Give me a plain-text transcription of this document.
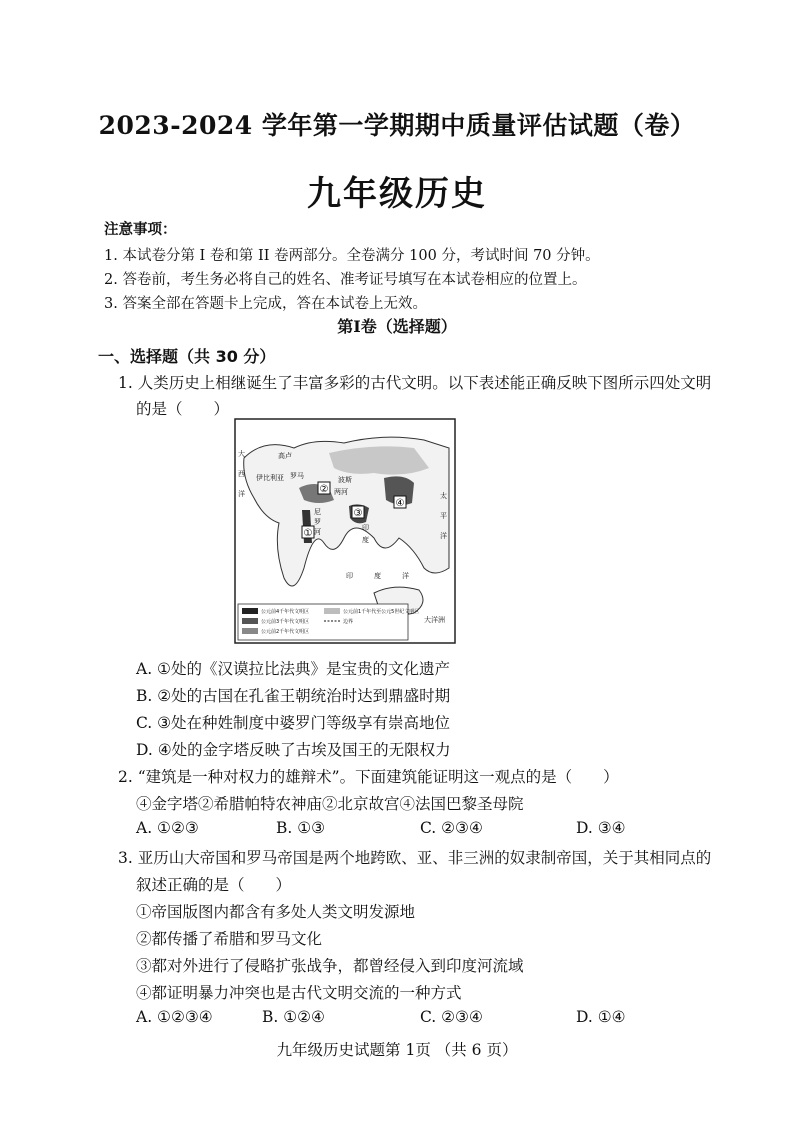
2023-2024 学年第一学期期中质量评估试题（卷）
九年级历史
注意事项：
1. 本试卷分第 I 卷和第 II 卷两部分。全卷满分 100 分，考试时间 70 分钟。
2. 答卷前，考生务必将自己的姓名、准考证号填写在本试卷相应的位置上。
3. 答案全部在答题卡上完成，答在本试卷上无效。
第Ⅰ卷（选择题）
一、选择题（共 30 分）
1. 人类历史上相继诞生了丰富多彩的古代文明。以下表述能正确反映下图所示四处文明
的是（　　）
②
①
③
④
大
西
洋
伊比利亚
高卢
罗马
尼
罗
河
两河
波斯
印
度
太
平
洋
印	度	洋
大洋洲
公元前4千年代文明区
公元前3千年代文明区
公元前2千年代文明区
公元前1千年代至公元5世纪文明区
边界
A. ①处的《汉谟拉比法典》是宝贵的文化遗产
B. ②处的古国在孔雀王朝统治时达到鼎盛时期
C. ③处在种姓制度中婆罗门等级享有崇高地位
D. ④处的金字塔反映了古埃及国王的无限权力
2. “建筑是一种对权力的雄辩术”。下面建筑能证明这一观点的是（　　）
④金字塔②希腊帕特农神庙②北京故宫④法国巴黎圣母院
A. ①②③	B. ①③	C. ②③④	D. ③④
3. 亚历山大帝国和罗马帝国是两个地跨欧、亚、非三洲的奴隶制帝国，关于其相同点的
叙述正确的是（　　）
①帝国版图内都含有多处人类文明发源地
②都传播了希腊和罗马文化
③都对外进行了侵略扩张战争，都曾经侵入到印度河流域
④都证明暴力冲突也是古代文明交流的一种方式
A. ①②③④	B. ①②④	C. ②③④	D. ①④
九年级历史试题第 1页 （共 6 页）
